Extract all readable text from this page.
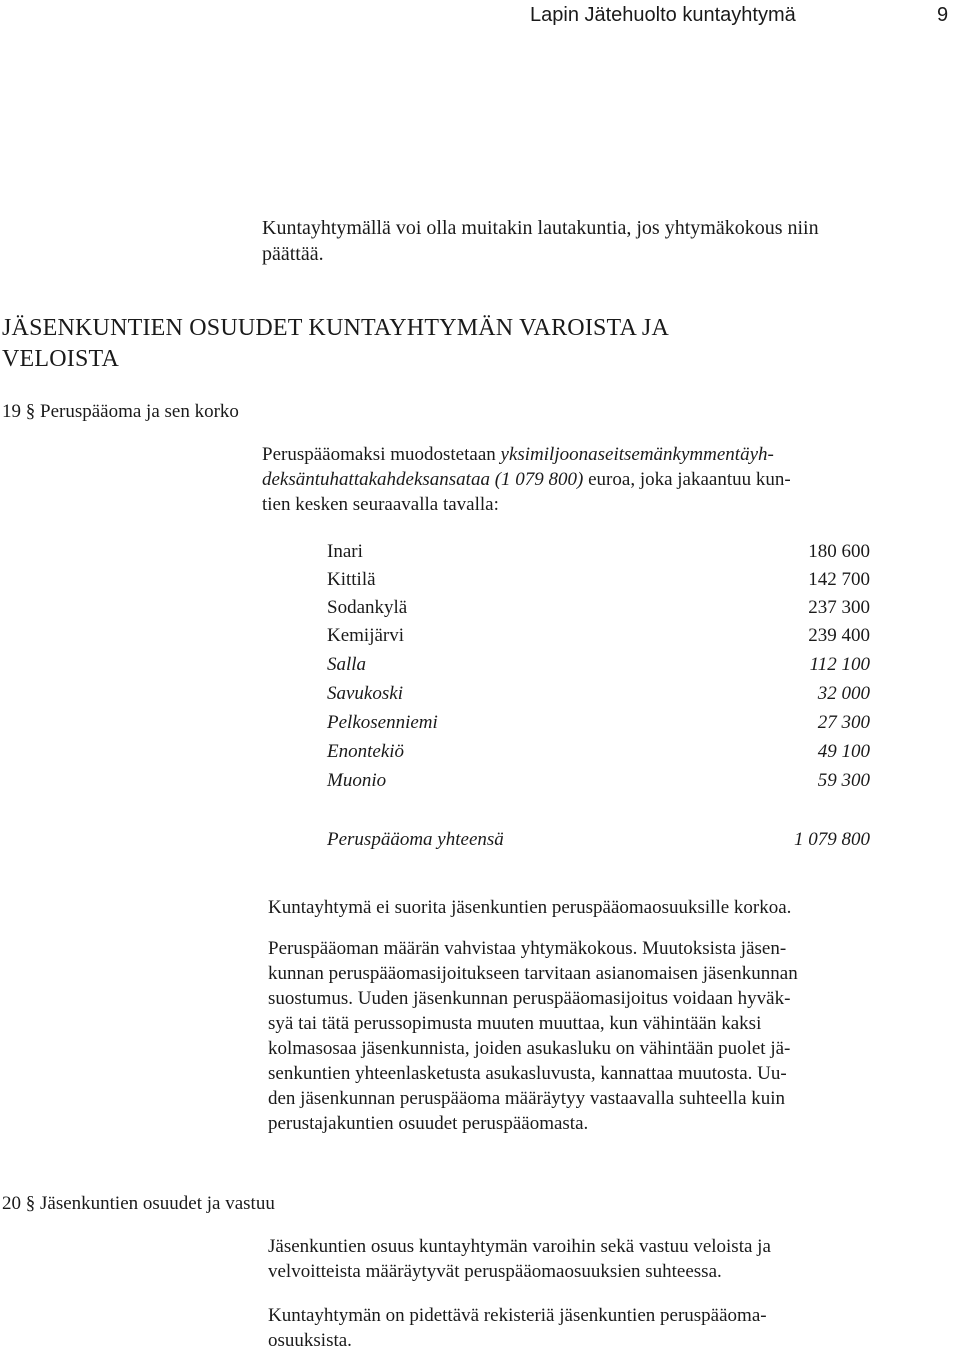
Lapin Jätehuolto kuntayhtymä	9
Kuntayhtymällä voi olla muitakin lautakuntia, jos yhtymäkokous niin
päättää.
JÄSENKUNTIEN OSUUDET KUNTAYHTYMÄN VAROISTA JA
VELOISTA
19 § Peruspääoma ja sen korko
Peruspääomaksi muodostetaan yksimiljoonaseitsemänkymmentäyh-
deksäntuhattakahdeksansataa (1 079 800) euroa, joka jakaantuu kun-
tien kesken seuraavalla tavalla:
Inari	180 600
Kittilä	142 700
Sodankylä	237 300
Kemijärvi	239 400
Salla	112 100
Savukoski	32 000
Pelkosenniemi	27 300
Enontekiö	49 100
Muonio	59 300
Peruspääoma yhteensä	1 079 800
Kuntayhtymä ei suorita jäsenkuntien peruspääomaosuuksille korkoa.
Peruspääoman määrän vahvistaa yhtymäkokous. Muutoksista jäsen-
kunnan peruspääomasijoitukseen tarvitaan asianomaisen jäsenkunnan
suostumus. Uuden jäsenkunnan peruspääomasijoitus voidaan hyväk-
syä tai tätä perussopimusta muuten muuttaa, kun vähintään kaksi
kolmasosaa jäsenkunnista, joiden asukasluku on vähintään puolet jä-
senkuntien yhteenlasketusta asukasluvusta, kannattaa muutosta. Uu-
den jäsenkunnan peruspääoma määräytyy vastaavalla suhteella kuin
perustajakuntien osuudet peruspääomasta.
20 § Jäsenkuntien osuudet ja vastuu
Jäsenkuntien osuus kuntayhtymän varoihin sekä vastuu veloista ja
velvoitteista määräytyvät peruspääomaosuuksien suhteessa.
Kuntayhtymän on pidettävä rekisteriä jäsenkuntien peruspääoma-
osuuksista.
